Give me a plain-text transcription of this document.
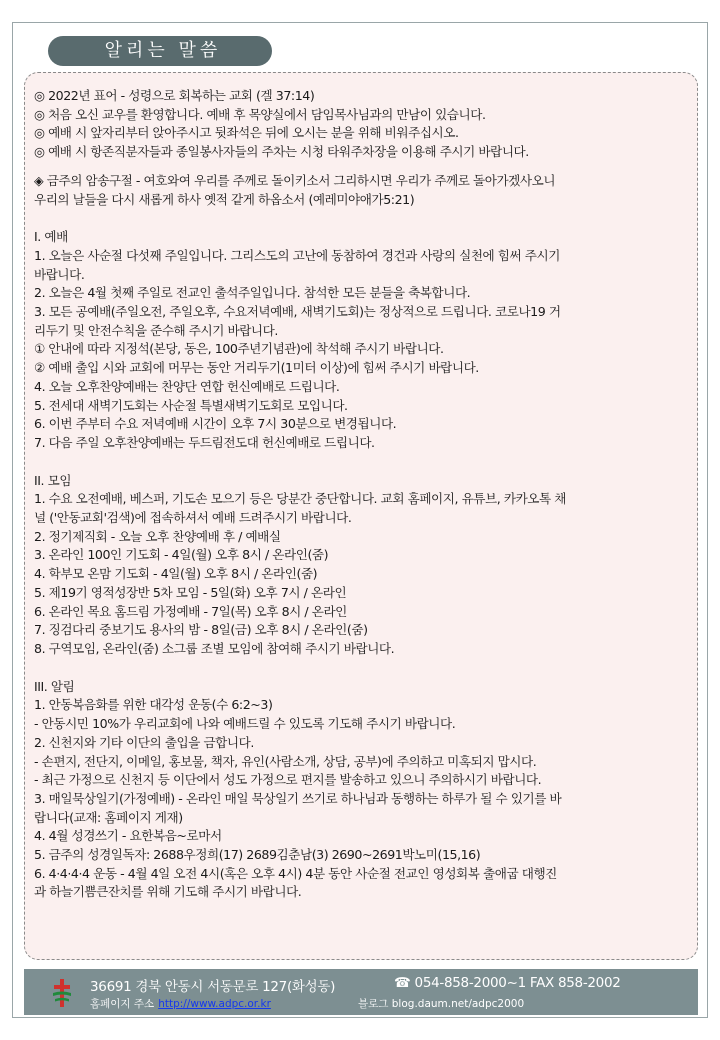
알리는 말씀

◎ 2022년 표어 - 성령으로 회복하는 교회 (겔 37:14)

◎ 처음 오신 교우를 환영합니다. 예배 후 목양실에서 담임목사님과의 만남이 있습니다.

◎ 예배 시 앞자리부터 앉아주시고 뒷좌석은 뒤에 오시는 분을 위해 비워주십시오.

◎ 예배 시 항존직분자들과 종일봉사자들의 주차는 시청 타워주차장을 이용해 주시기 바랍니다.

◈ 금주의 암송구절 - 여호와여 우리를 주께로 돌이키소서 그리하시면 우리가 주께로 돌아가겠사오니

우리의 날들을 다시 새롭게 하사 옛적 같게 하옵소서 (예레미야애가5:21)

I. 예배

1. 오늘은 사순절 다섯째 주일입니다. 그리스도의 고난에 동참하여 경건과 사랑의 실천에 힘써 주시기

바랍니다.

2. 오늘은 4월 첫째 주일로 전교인 출석주일입니다. 참석한 모든 분들을 축복합니다.

3. 모든 공예배(주일오전, 주일오후, 수요저녁예배, 새벽기도회)는 정상적으로 드립니다. 코로나19 거

리두기 및 안전수칙을 준수해 주시기 바랍니다.

① 안내에 따라 지정석(본당, 동은, 100주년기념관)에 착석해 주시기 바랍니다.

② 예배 출입 시와 교회에 머무는 동안 거리두기(1미터 이상)에 힘써 주시기 바랍니다.

4. 오늘 오후찬양예배는 찬양단 연합 헌신예배로 드립니다.

5. 전세대 새벽기도회는 사순절 특별새벽기도회로 모입니다.

6. 이번 주부터 수요 저녁예배 시간이 오후 7시 30분으로 변경됩니다.

7. 다음 주일 오후찬양예배는 두드림전도대 헌신예배로 드립니다.

II. 모임

1. 수요 오전예배, 베스퍼, 기도손 모으기 등은 당분간 중단합니다. 교회 홈페이지, 유튜브, 카카오톡 채

널 ('안동교회'검색)에 접속하셔서 예배 드려주시기 바랍니다.

2. 정기제직회 - 오늘 오후 찬양예배 후 / 예배실

3. 온라인 100인 기도회 - 4일(월) 오후 8시 / 온라인(줌)

4. 학부모 온맘 기도회 - 4일(월) 오후 8시 / 온라인(줌)

5. 제19기 영적성장반 5차 모임 - 5일(화) 오후 7시 / 온라인

6. 온라인 목요 홈드림 가정예배 - 7일(목) 오후 8시 / 온라인

7. 징검다리 중보기도 용사의 밤 - 8일(금) 오후 8시 / 온라인(줌)

8. 구역모임, 온라인(줌) 소그룹 조별 모임에 참여해 주시기 바랍니다.

III. 알림

1. 안동복음화를 위한 대각성 운동(수 6:2~3)

- 안동시민 10%가 우리교회에 나와 예배드릴 수 있도록 기도해 주시기 바랍니다.

2. 신천지와 기타 이단의 출입을 금합니다.

- 손편지, 전단지, 이메일, 홍보물, 책자, 유인(사람소개, 상담, 공부)에 주의하고 미혹되지 맙시다.

- 최근 가정으로 신천지 등 이단에서 성도 가정으로 편지를 발송하고 있으니 주의하시기 바랍니다.

3. 매일묵상일기(가정예배) - 온라인 매일 묵상일기 쓰기로 하나님과 동행하는 하루가 될 수 있기를 바

랍니다(교재: 홈페이지 게재)

4. 4월 성경쓰기 - 요한복음~로마서

5. 금주의 성경일독자: 2688우정희(17) 2689김춘남(3) 2690~2691박노미(15,16)

6. 4·4·4·4 운동 - 4월 4일 오전 4시(혹은 오후 4시) 4분 동안 사순절 전교인 영성회복 출애굽 대행진

과 하늘기쁨큰잔치를 위해 기도해 주시기 바랍니다.

36691 경북 안동시 서동문로 127(화성동)	☎ 054-858-2000~1 FAX 858-2002
홈페이지 주소 http://www.adpc.or.kr	블로그 blog.daum.net/adpc2000
